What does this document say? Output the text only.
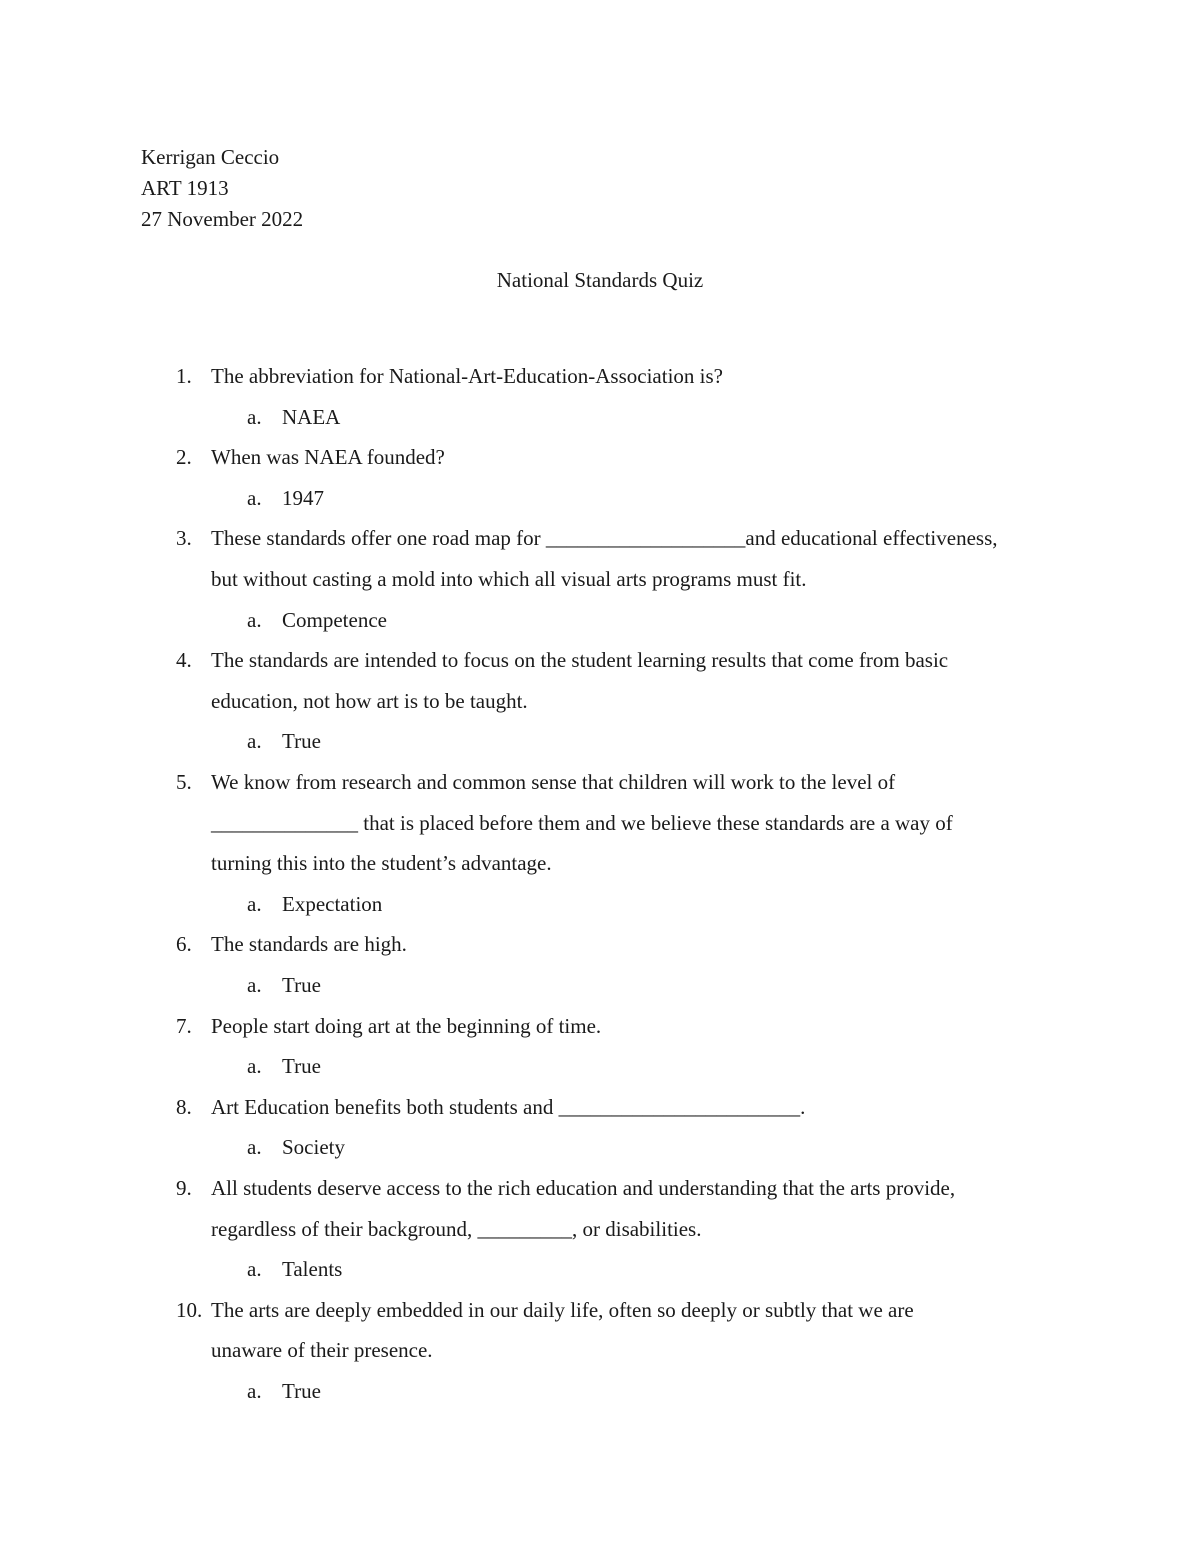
Kerrigan Ceccio
ART 1913
27 November 2022
National Standards Quiz
1. The abbreviation for National-Art-Education-Association is?
a. NAEA
2. When was NAEA founded?
a. 1947
3. These standards offer one road map for ___________________and educational effectiveness,
but without casting a mold into which all visual arts programs must fit.
a. Competence
4. The standards are intended to focus on the student learning results that come from basic
education, not how art is to be taught.
a. True
5. We know from research and common sense that children will work to the level of
______________ that is placed before them and we believe these standards are a way of
turning this into the student’s advantage.
a. Expectation
6. The standards are high.
a. True
7. People start doing art at the beginning of time.
a. True
8. Art Education benefits both students and _______________________.
a. Society
9. All students deserve access to the rich education and understanding that the arts provide,
regardless of their background, _________, or disabilities.
a. Talents
10. The arts are deeply embedded in our daily life, often so deeply or subtly that we are
unaware of their presence.
a. True
